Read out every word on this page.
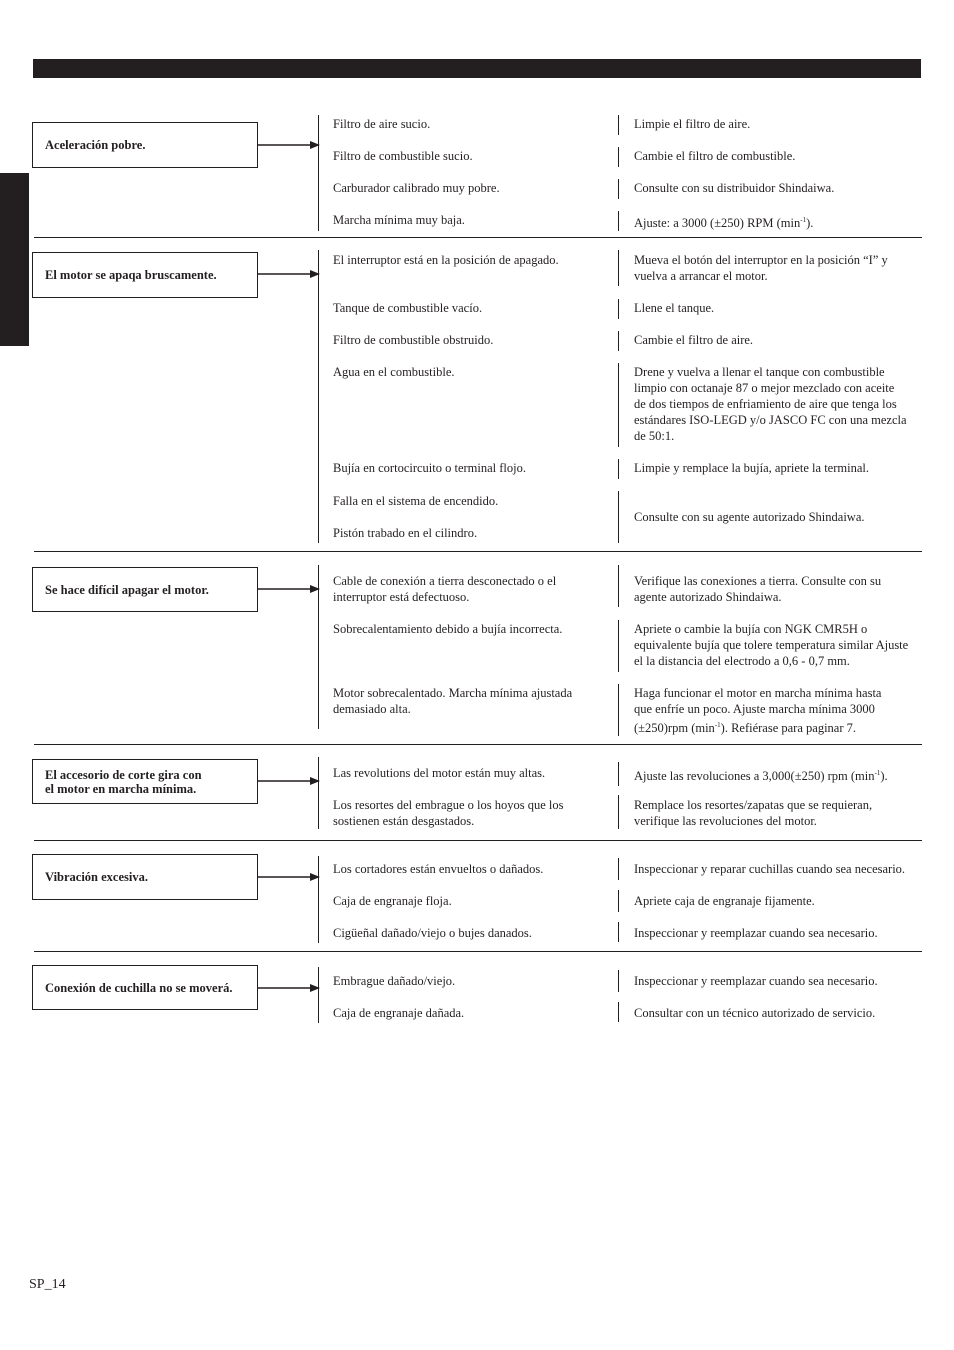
Aceleración pobre.
Filtro de aire sucio.
Filtro de combustible sucio.
Carburador calibrado muy pobre.
Marcha mínima muy baja.
Limpie el filtro de aire.
Cambie el filtro de combustible.
Consulte con su distribuidor Shindaiwa.
Ajuste: a 3000 (±250) RPM $(\min^{-1})$.
El motor se apaqa bruscamente.
El interruptor está en la posición de apagado.
Tanque de combustible vacío.
Filtro de combustible obstruido.
Agua en el combustible.
Bujía en cortocircuito o terminal flojo.
Falla en el sistema de encendido.
Pistón trabado en el cilindro.
Mueva el botón del interruptor en la posición “I” y
vuelva a arrancar el motor.
Llene el tanque.
Cambie el filtro de aire.
Drene y vuelva a llenar el tanque con combustible
limpio con octanaje 87 o mejor mezclado con aceite
de dos tiempos de enfriamiento de aire que tenga los
estándares ISO-LEGD y/o JASCO FC con una mezcla
de 50:1.
Limpie y remplace la bujía, apriete la terminal.
Consulte con su agente autorizado Shindaiwa.
Se hace difícil apagar el motor.
Cable de conexión a tierra desconectado o el
interruptor está defectuoso.
Sobrecalentamiento debido a bujía incorrecta.
Motor sobrecalentado. Marcha mínima ajustada
demasiado alta.
Verifique las conexiones a tierra. Consulte con su
agente autorizado Shindaiwa.
Apriete o cambie la bujía con NGK CMR5H o
equivalente bujía que tolere temperatura similar Ajuste
el la distancia del electrodo a 0,6 - 0,7 mm.
Haga funcionar el motor en marcha mínima hasta
que enfríe un poco. Ajuste marcha mínima 3000
(±250)rpm $(\min^{-1})$. Refiérase para paginar 7.
El accesorio de corte gira con
el motor en marcha mínima.
Las revolutions del motor están muy altas.
Los resortes del embrague o los hoyos que los
sostienen están desgastados.
Ajuste las revoluciones a 3,000(±250) rpm $(\min^{-1})$.
Remplace los resortes/zapatas que se requieran,
verifique las revoluciones del motor.
Vibración excesiva.
Los cortadores están envueltos o dañados.
Caja de engranaje floja.
Cigüeñal dañado/viejo o bujes danados.
Inspeccionar y reparar cuchillas cuando sea necesario.
Apriete caja de engranaje fijamente.
Inspeccionar y reemplazar cuando sea necesario.
Conexión de cuchilla no se moverá.	Embrague dañado/viejo.
Caja de engranaje dañada.
Inspeccionar y reemplazar cuando sea necesario.
Consultar con un técnico autorizado de servicio.
SP_14
